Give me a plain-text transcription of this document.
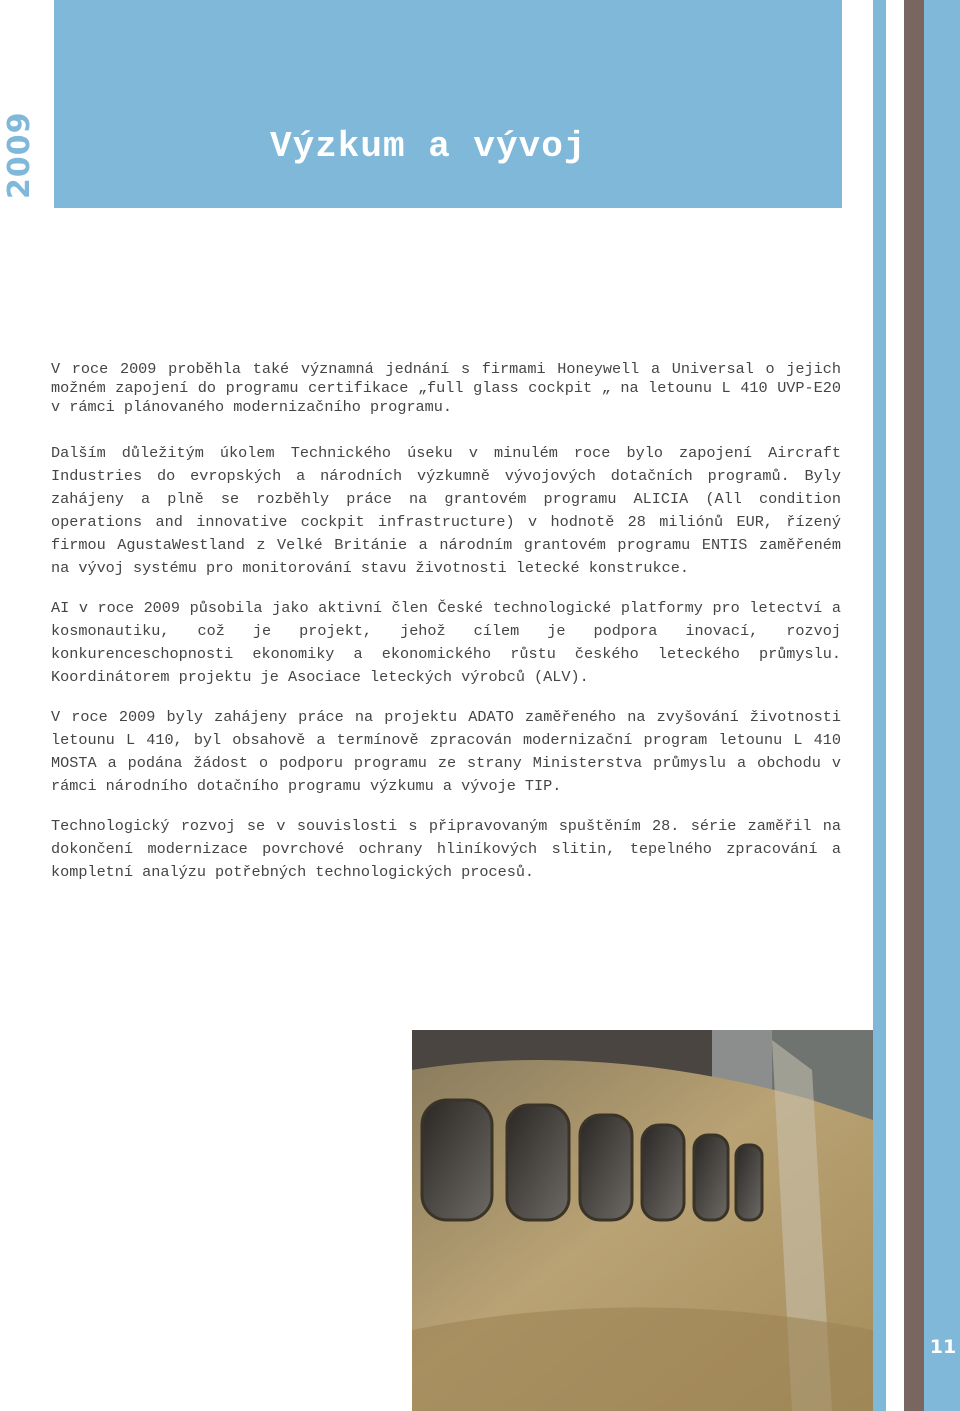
2009	Výzkum a vývoj
11

V roce 2009 proběhla také významná jednání s firmami Honeywell a Universal o jejich možném zapojení do programu certifikace „full glass cockpit „ na letounu L 410 UVP-E20 v rámci plánovaného modernizačního programu.

Dalším důležitým úkolem Technického úseku v minulém roce bylo zapojení Aircraft Industries do evropských a národních výzkumně vývojových dotačních programů. Byly zahájeny a plně se rozběhly práce na grantovém programu ALICIA (All condition operations and innovative cockpit infrastructure) v hodnotě 28 miliónů EUR, řízený firmou AgustaWestland z Velké Británie a národním grantovém programu ENTIS zaměřeném na vývoj systému pro monitorování stavu životnosti letecké konstrukce.

AI v roce 2009 působila jako aktivní člen České technologické platformy pro letectví a kosmonautiku, což je projekt, jehož cílem je podpora inovací, rozvoj konkurenceschopnosti ekonomiky a ekonomického růstu českého leteckého průmyslu. Koordinátorem projektu je Asociace leteckých výrobců (ALV).

V roce 2009 byly zahájeny práce na projektu ADATO zaměřeného na zvyšování životnosti letounu L 410, byl obsahově a termínově zpracován modernizační program letounu L 410 MOSTA a podána žádost o podporu programu ze strany Ministerstva průmyslu a obchodu v rámci národního dotačního programu výzkumu a vývoje TIP.

Technologický rozvoj se v souvislosti s připravovaným spuštěním 28. série zaměřil na dokončení modernizace povrchové ochrany hliníkových slitin, tepelného zpracování a kompletní analýzu potřebných technologických procesů.
